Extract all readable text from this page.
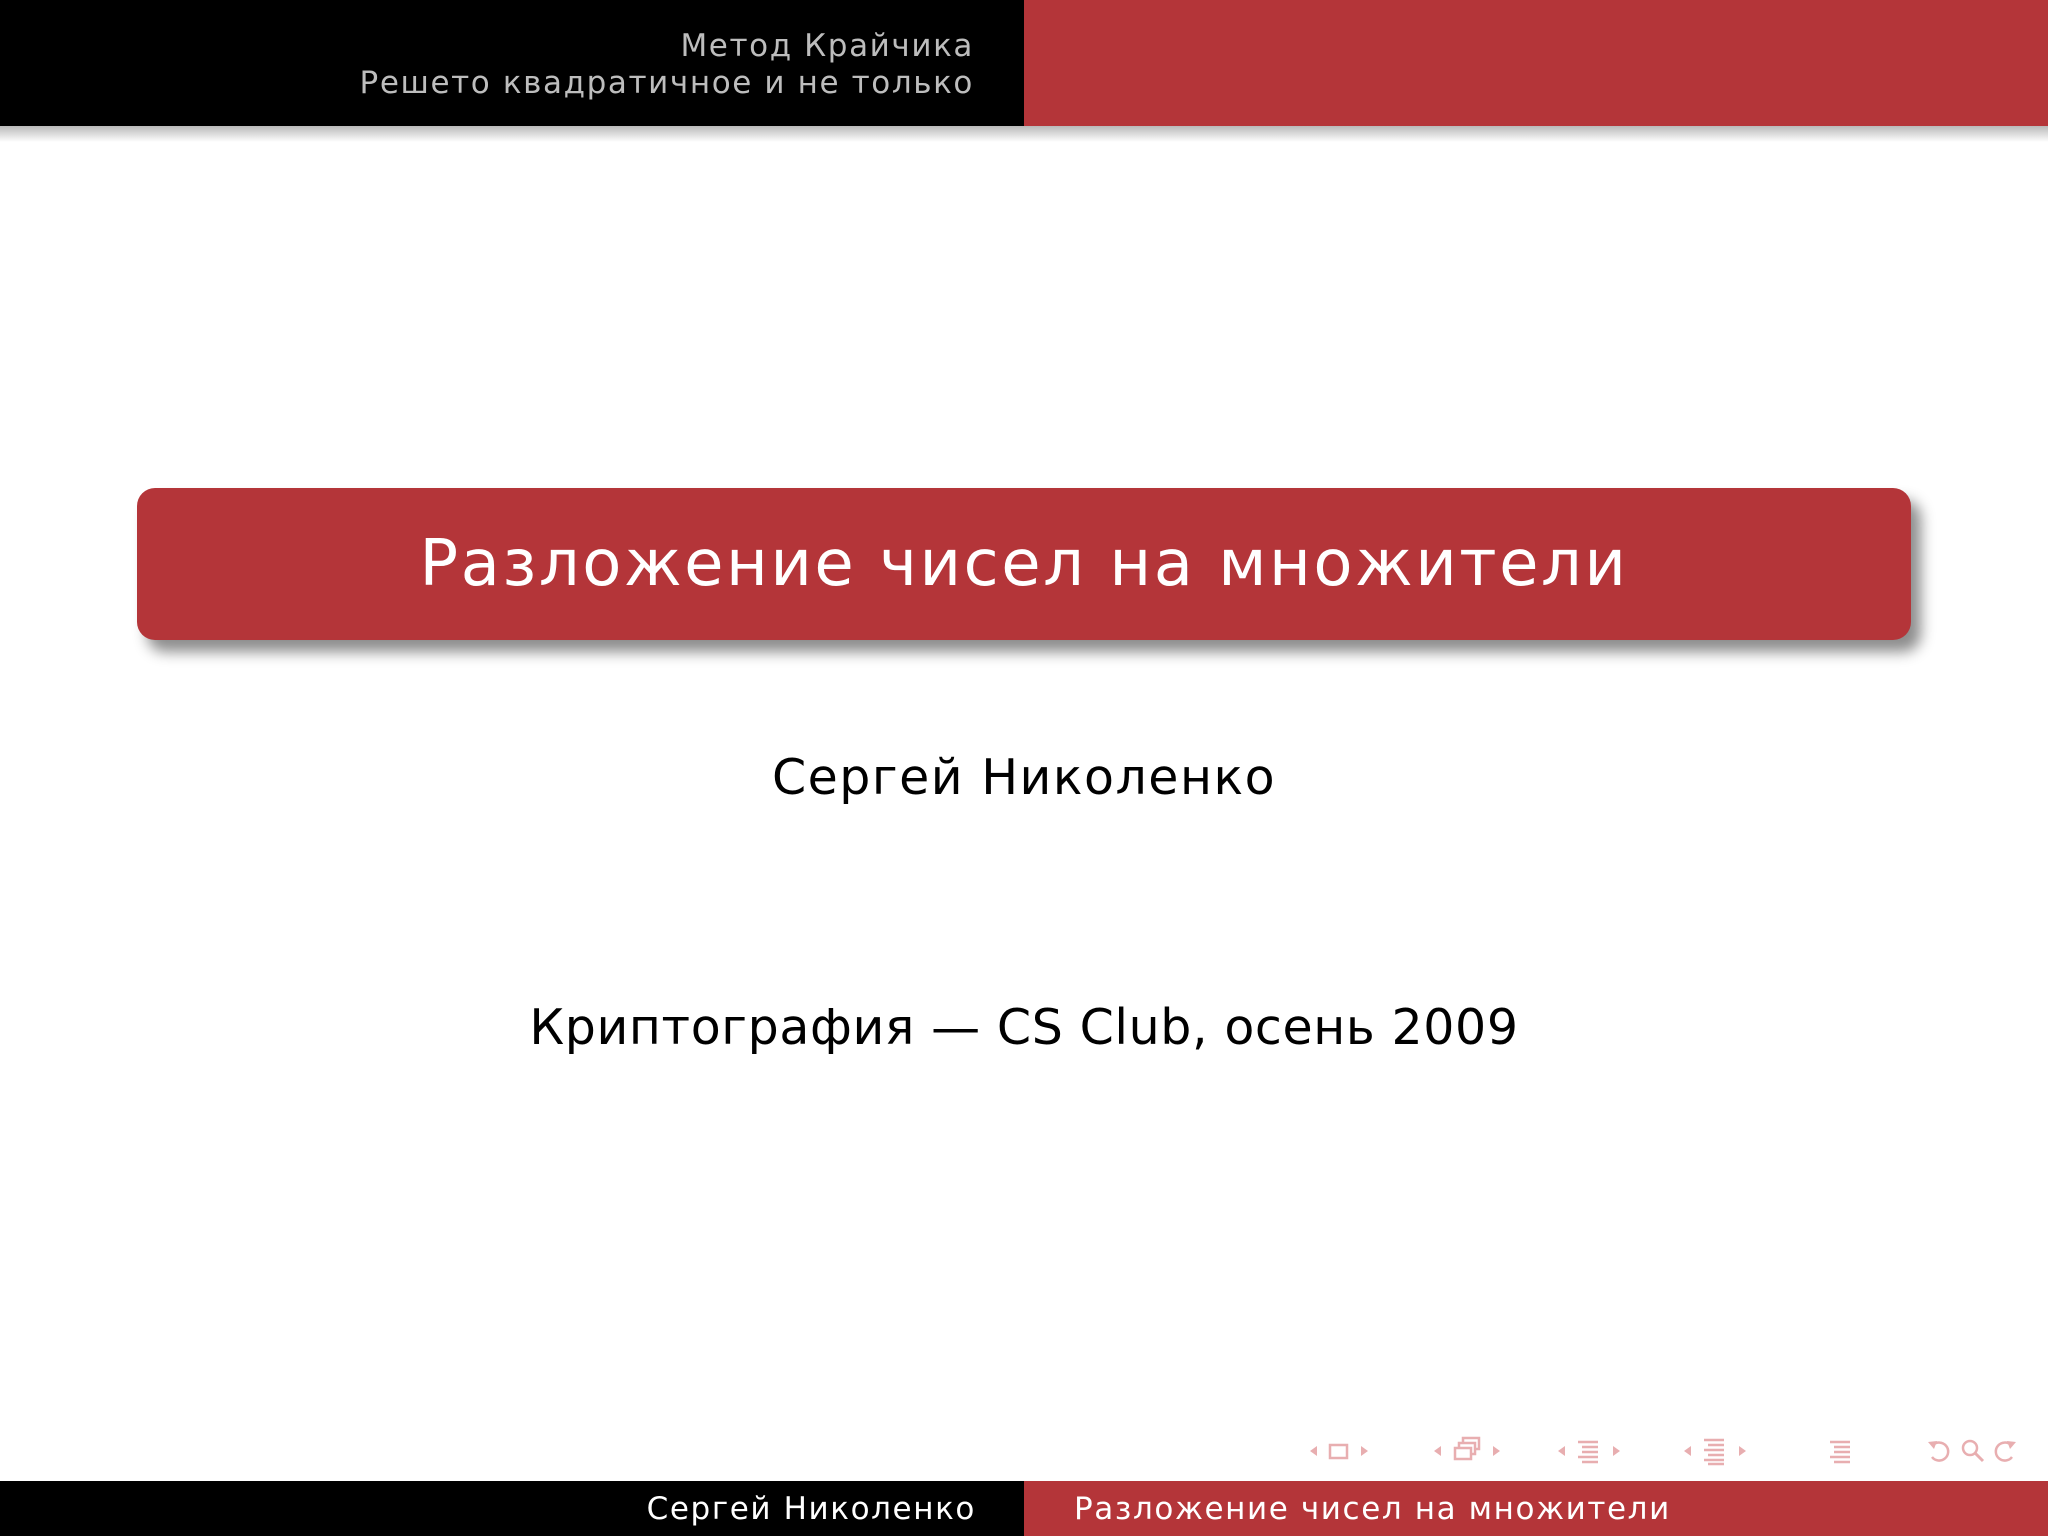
Метод Крайчика
Решето квадратичное и не только
Разложение чисел на множители
Сергей Николенко
Криптография — CS Club, осень 2009
Сергей Николенко	Разложение чисел на множители
